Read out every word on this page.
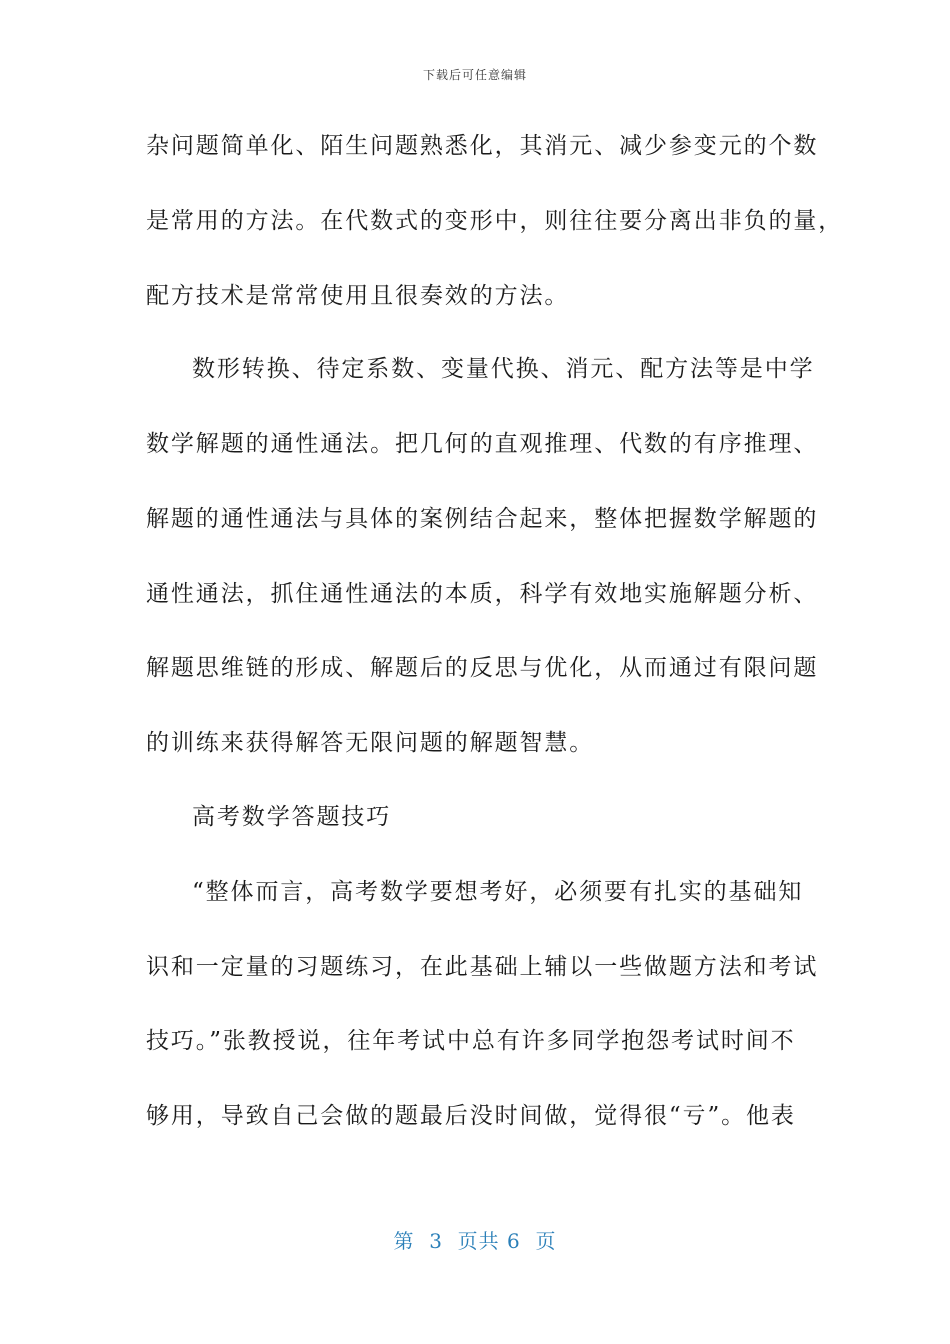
下载后可任意编辑
杂问题简单化、陌生问题熟悉化，其消元、减少参变元的个数
是常用的方法。在代数式的变形中，则往往要分离出非负的量，
配方技术是常常使用且很奏效的方法。
数形转换、待定系数、变量代换、消元、配方法等是中学
数学解题的通性通法。把几何的直观推理、代数的有序推理、
解题的通性通法与具体的案例结合起来，整体把握数学解题的
通性通法，抓住通性通法的本质，科学有效地实施解题分析、
解题思维链的形成、解题后的反思与优化，从而通过有限问题
的训练来获得解答无限问题的解题智慧。
高考数学答题技巧
“整体而言，高考数学要想考好，必须要有扎实的基础知
识和一定量的习题练习，在此基础上辅以一些做题方法和考试
技巧。”张教授说，往年考试中总有许多同学抱怨考试时间不
够用，导致自己会做的题最后没时间做，觉得很“亏”。他表
第  3  页共 6  页
